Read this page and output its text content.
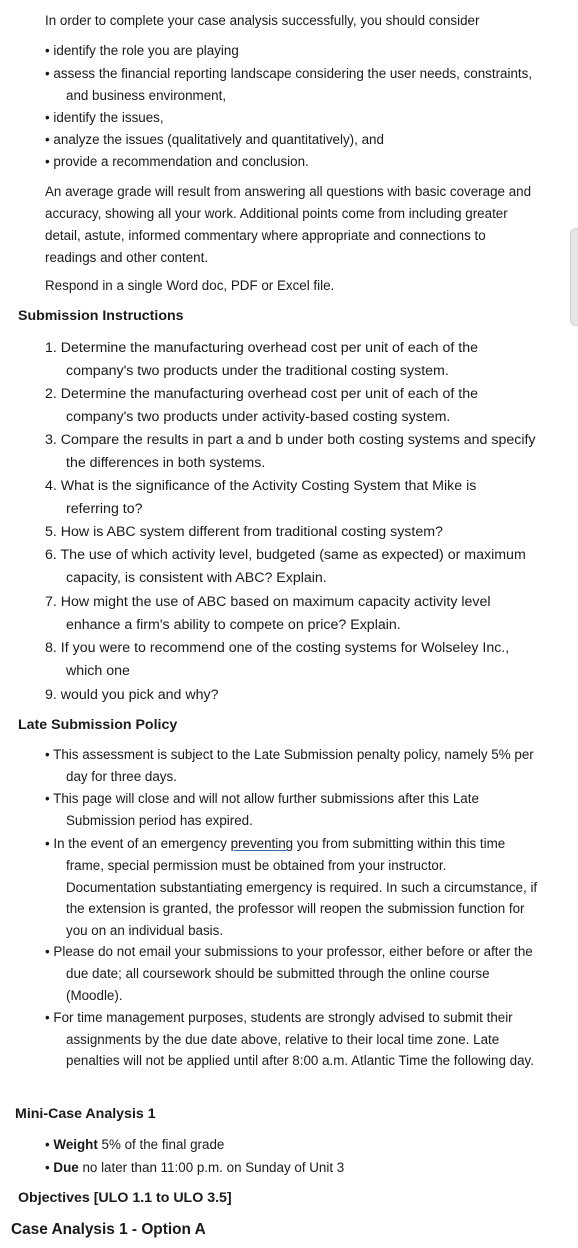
In order to complete your case analysis successfully, you should consider
• identify the role you are playing
• assess the financial reporting landscape considering the user needs, constraints,
and business environment,
• identify the issues,
• analyze the issues (qualitatively and quantitatively), and
• provide a recommendation and conclusion.
An average grade will result from answering all questions with basic coverage and
accuracy, showing all your work. Additional points come from including greater
detail, astute, informed commentary where appropriate and connections to
readings and other content.
Respond in a single Word doc, PDF or Excel file.
Submission Instructions
1. Determine the manufacturing overhead cost per unit of each of the
company's two products under the traditional costing system.
2. Determine the manufacturing overhead cost per unit of each of the
company's two products under activity-based costing system.
3. Compare the results in part a and b under both costing systems and specify
the differences in both systems.
4. What is the significance of the Activity Costing System that Mike is
referring to?
5. How is ABC system different from traditional costing system?
6. The use of which activity level, budgeted (same as expected) or maximum
capacity, is consistent with ABC? Explain.
7. How might the use of ABC based on maximum capacity activity level
enhance a firm's ability to compete on price? Explain.
8. If you were to recommend one of the costing systems for Wolseley Inc.,
which one
9. would you pick and why?
Late Submission Policy
• This assessment is subject to the Late Submission penalty policy, namely 5% per
day for three days.
• This page will close and will not allow further submissions after this Late
Submission period has expired.
• In the event of an emergency preventing you from submitting within this time
frame, special permission must be obtained from your instructor.
Documentation substantiating emergency is required. In such a circumstance, if
the extension is granted, the professor will reopen the submission function for
you on an individual basis.
• Please do not email your submissions to your professor, either before or after the
due date; all coursework should be submitted through the online course
(Moodle).
• For time management purposes, students are strongly advised to submit their
assignments by the due date above, relative to their local time zone. Late
penalties will not be applied until after 8:00 a.m. Atlantic Time the following day.
Mini-Case Analysis 1
• Weight 5% of the final grade
• Due no later than 11:00 p.m. on Sunday of Unit 3
Objectives [ULO 1.1 to ULO 3.5]
Case Analysis 1 - Option A
